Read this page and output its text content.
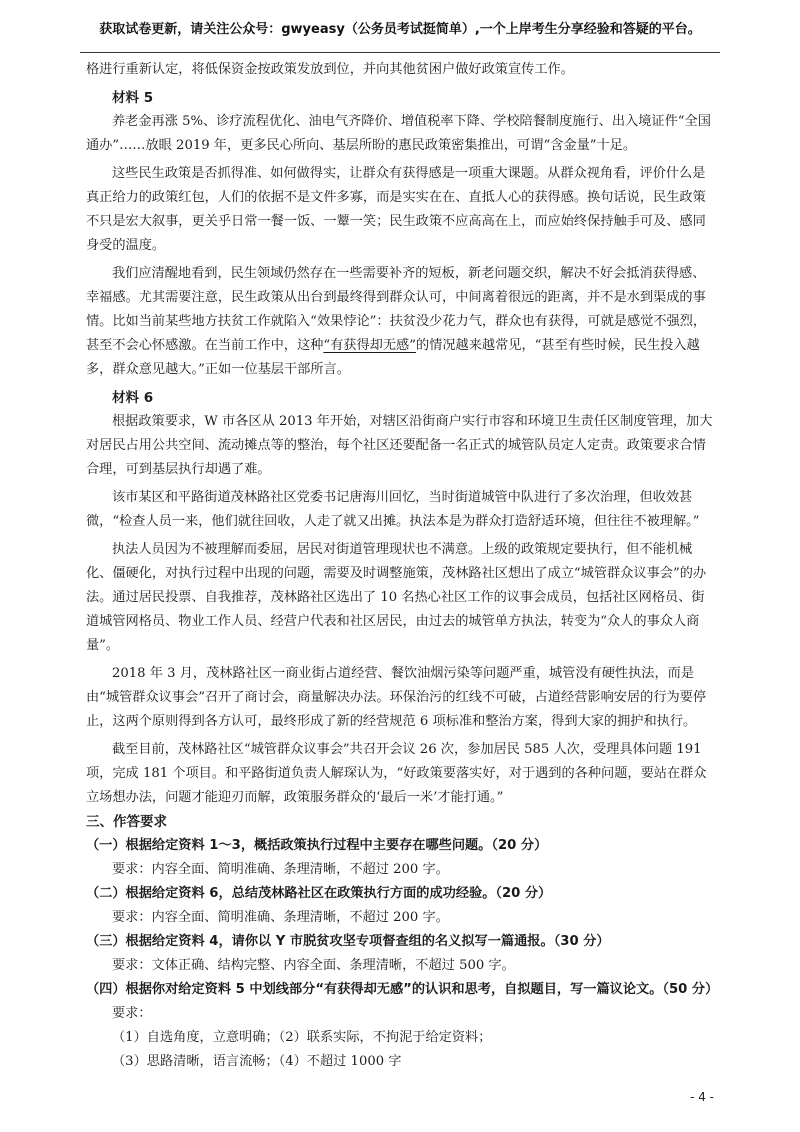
获取试卷更新，请关注公众号：gwyeasy（公务员考试挺简单）,一个上岸考生分享经验和答疑的平台。

格进行重新认定，将低保资金按政策发放到位，并向其他贫困户做好政策宣传工作。

材料 5

养老金再涨 5%、诊疗流程优化、油电气齐降价、增值税率下降、学校陪餐制度施行、出入境证件“全国通办”……放眼 2019 年，更多民心所向、基层所盼的惠民政策密集推出，可谓“含金量”十足。

这些民生政策是否抓得准、如何做得实，让群众有获得感是一项重大课题。从群众视角看，评价什么是真正给力的政策红包，人们的依据不是文件多寡，而是实实在在、直抵人心的获得感。换句话说，民生政策不只是宏大叙事，更关乎日常一餐一饭、一颦一笑；民生政策不应高高在上，而应始终保持触手可及、感同身受的温度。

我们应清醒地看到，民生领域仍然存在一些需要补齐的短板，新老问题交织，解决不好会抵消获得感、幸福感。尤其需要注意，民生政策从出台到最终得到群众认可，中间离着很远的距离，并不是水到渠成的事情。比如当前某些地方扶贫工作就陷入“效果悖论”：扶贫没少花力气，群众也有获得，可就是感觉不强烈，甚至不会心怀感激。在当前工作中，这种“有获得却无感”的情况越来越常见，“甚至有些时候，民生投入越多，群众意见越大。”正如一位基层干部所言。

材料 6

根据政策要求，W 市各区从 2013 年开始，对辖区沿街商户实行市容和环境卫生责任区制度管理，加大对居民占用公共空间、流动摊点等的整治，每个社区还要配备一名正式的城管队员定人定责。政策要求合情合理，可到基层执行却遇了难。

该市某区和平路街道茂林路社区党委书记唐海川回忆，当时街道城管中队进行了多次治理，但收效甚微，“检查人员一来，他们就往回收，人走了就又出摊。执法本是为群众打造舒适环境，但往往不被理解。”

执法人员因为不被理解而委屈，居民对街道管理现状也不满意。上级的政策规定要执行，但不能机械化、僵硬化，对执行过程中出现的问题，需要及时调整施策，茂林路社区想出了成立“城管群众议事会”的办法。通过居民投票、自我推荐，茂林路社区选出了 10 名热心社区工作的议事会成员，包括社区网格员、街道城管网格员、物业工作人员、经营户代表和社区居民，由过去的城管单方执法，转变为“众人的事众人商量”。

2018 年 3 月，茂林路社区一商业街占道经营、餐饮油烟污染等问题严重，城管没有硬性执法，而是由“城管群众议事会”召开了商讨会，商量解决办法。环保治污的红线不可破，占道经营影响安居的行为要停止，这两个原则得到各方认可，最终形成了新的经营规范 6 项标准和整治方案，得到大家的拥护和执行。

截至目前，茂林路社区“城管群众议事会”共召开会议 26 次，参加居民 585 人次，受理具体问题 191 项，完成 181 个项目。和平路街道负责人解琛认为，“好政策要落实好，对于遇到的各种问题，要站在群众立场想办法，问题才能迎刃而解，政策服务群众的‘最后一米’才能打通。”

三、作答要求

（一）根据给定资料 1～3，概括政策执行过程中主要存在哪些问题。（20 分）

要求：内容全面、简明准确、条理清晰，不超过 200 字。

（二）根据给定资料 6，总结茂林路社区在政策执行方面的成功经验。（20 分）

要求：内容全面、简明准确、条理清晰，不超过 200 字。

（三）根据给定资料 4，请你以 Y 市脱贫攻坚专项督查组的名义拟写一篇通报。（30 分）

要求：文体正确、结构完整、内容全面、条理清晰，不超过 500 字。

（四）根据你对给定资料 5 中划线部分“有获得却无感”的认识和思考，自拟题目，写一篇议论文。（50 分）

要求：

（1）自选角度，立意明确；（2）联系实际，不拘泥于给定资料；

（3）思路清晰，语言流畅；（4）不超过 1000 字

- 4 -
